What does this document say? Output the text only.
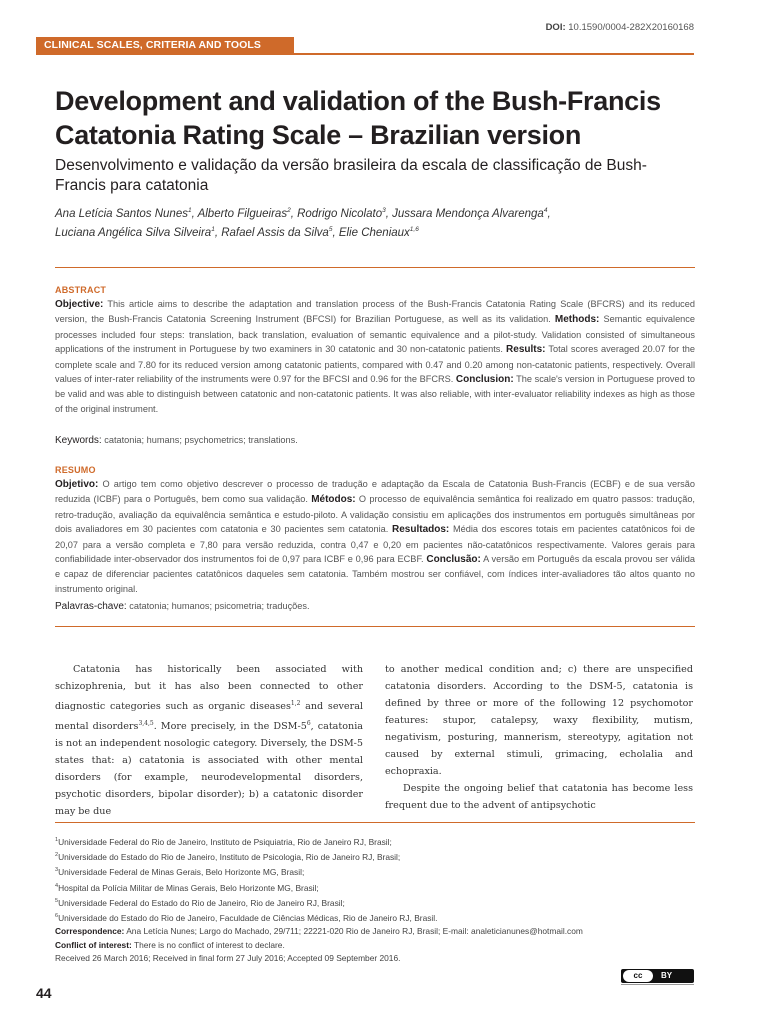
DOI: 10.1590/0004-282X20160168
CLINICAL SCALES, CRITERIA AND TOOLS
Development and validation of the Bush-Francis Catatonia Rating Scale – Brazilian version
Desenvolvimento e validação da versão brasileira da escala de classificação de Bush-Francis para catatonia
Ana Letícia Santos Nunes$^1$, Alberto Filgueiras$^2$, Rodrigo Nicolato$^3$, Jussara Mendonça Alvarenga$^4$,
Luciana Angélica Silva Silveira$^1$, Rafael Assis da Silva$^5$, Elie Cheniaux$^{1,6}$
ABSTRACT
Objective: This article aims to describe the adaptation and translation process of the Bush-Francis Catatonia Rating Scale (BFCRS) and its reduced version, the Bush-Francis Catatonia Screening Instrument (BFCSI) for Brazilian Portuguese, as well as its validation. Methods: Semantic equivalence processes included four steps: translation, back translation, evaluation of semantic equivalence and a pilot-study. Validation consisted of simultaneous applications of the instrument in Portuguese by two examiners in 30 catatonic and 30 non-catatonic patients. Results: Total scores averaged 20.07 for the complete scale and 7.80 for its reduced version among catatonic patients, compared with 0.47 and 0.20 among non-catatonic patients, respectively. Overall values of inter-rater reliability of the instruments were 0.97 for the BFCSI and 0.96 for the BFCRS. Conclusion: The scale's version in Portuguese proved to be valid and was able to distinguish between catatonic and non-catatonic patients. It was also reliable, with inter-evaluator reliability indexes as high as those of the original instrument.
Keywords: catatonia; humans; psychometrics; translations.
RESUMO
Objetivo: O artigo tem como objetivo descrever o processo de tradução e adaptação da Escala de Catatonia Bush-Francis (ECBF) e de sua versão reduzida (ICBF) para o Português, bem como sua validação. Métodos: O processo de equivalência semântica foi realizado em quatro passos: tradução, retro-tradução, avaliação da equivalência semântica e estudo-piloto. A validação consistiu em aplicações dos instrumentos em português simultâneas por dois avaliadores em 30 pacientes com catatonia e 30 pacientes sem catatonia. Resultados: Média dos escores totais em pacientes catatônicos foi de 20,07 para a versão completa e 7,80 para versão reduzida, contra 0,47 e 0,20 em pacientes não-catatônicos respectivamente. Valores gerais para confiabilidade inter-observador dos instrumentos foi de 0,97 para ICBF e 0,96 para ECBF. Conclusão: A versão em Português da escala provou ser válida e capaz de diferenciar pacientes catatônicos daqueles sem catatonia. Também mostrou ser confiável, com índices inter-avaliadores tão altos quanto no instrumento original.
Palavras-chave: catatonia; humanos; psicometria; traduções.

Catatonia has historically been associated with schizophrenia, but it has also been connected to other diagnostic categories such as organic diseases$^{1,2}$ and several mental disorders$^{3,4,5}$. More precisely, in the DSM-$5^6$, catatonia is not an independent nosologic category. Diversely, the DSM-5 states that: a) catatonia is associated with other mental disorders (for example, neurodevelopmental disorders, psychotic disorders, bipolar disorder); b) a catatonic disorder may be due

to another medical condition and; c) there are unspecified catatonia disorders. According to the DSM-5, catatonia is defined by three or more of the following 12 psychomotor features: stupor, catalepsy, waxy flexibility, mutism, negativism, posturing, mannerism, stereotypy, agitation not caused by external stimuli, grimacing, echolalia and echopraxia.

Despite the ongoing belief that catatonia has become less frequent due to the advent of antipsychotic

$^1$Universidade Federal do Rio de Janeiro, Instituto de Psiquiatria, Rio de Janeiro RJ, Brasil;
$^2$Universidade do Estado do Rio de Janeiro, Instituto de Psicologia, Rio de Janeiro RJ, Brasil;
$^3$Universidade Federal de Minas Gerais, Belo Horizonte MG, Brasil;
$^4$Hospital da Polícia Militar de Minas Gerais, Belo Horizonte MG, Brasil;
$^5$Universidade Federal do Estado do Rio de Janeiro, Rio de Janeiro RJ, Brasil;
$^6$Universidade do Estado do Rio de Janeiro, Faculdade de Ciências Médicas, Rio de Janeiro RJ, Brasil.
Correspondence: Ana Letícia Nunes; Largo do Machado, 29/711; 22221-020 Rio de Janeiro RJ, Brasil; E-mail: analeticianunes@hotmail.com
Conflict of interest: There is no conflict of interest to declare.
Received 26 March 2016; Received in final form 27 July 2016; Accepted 09 September 2016.
cc	BY
44
